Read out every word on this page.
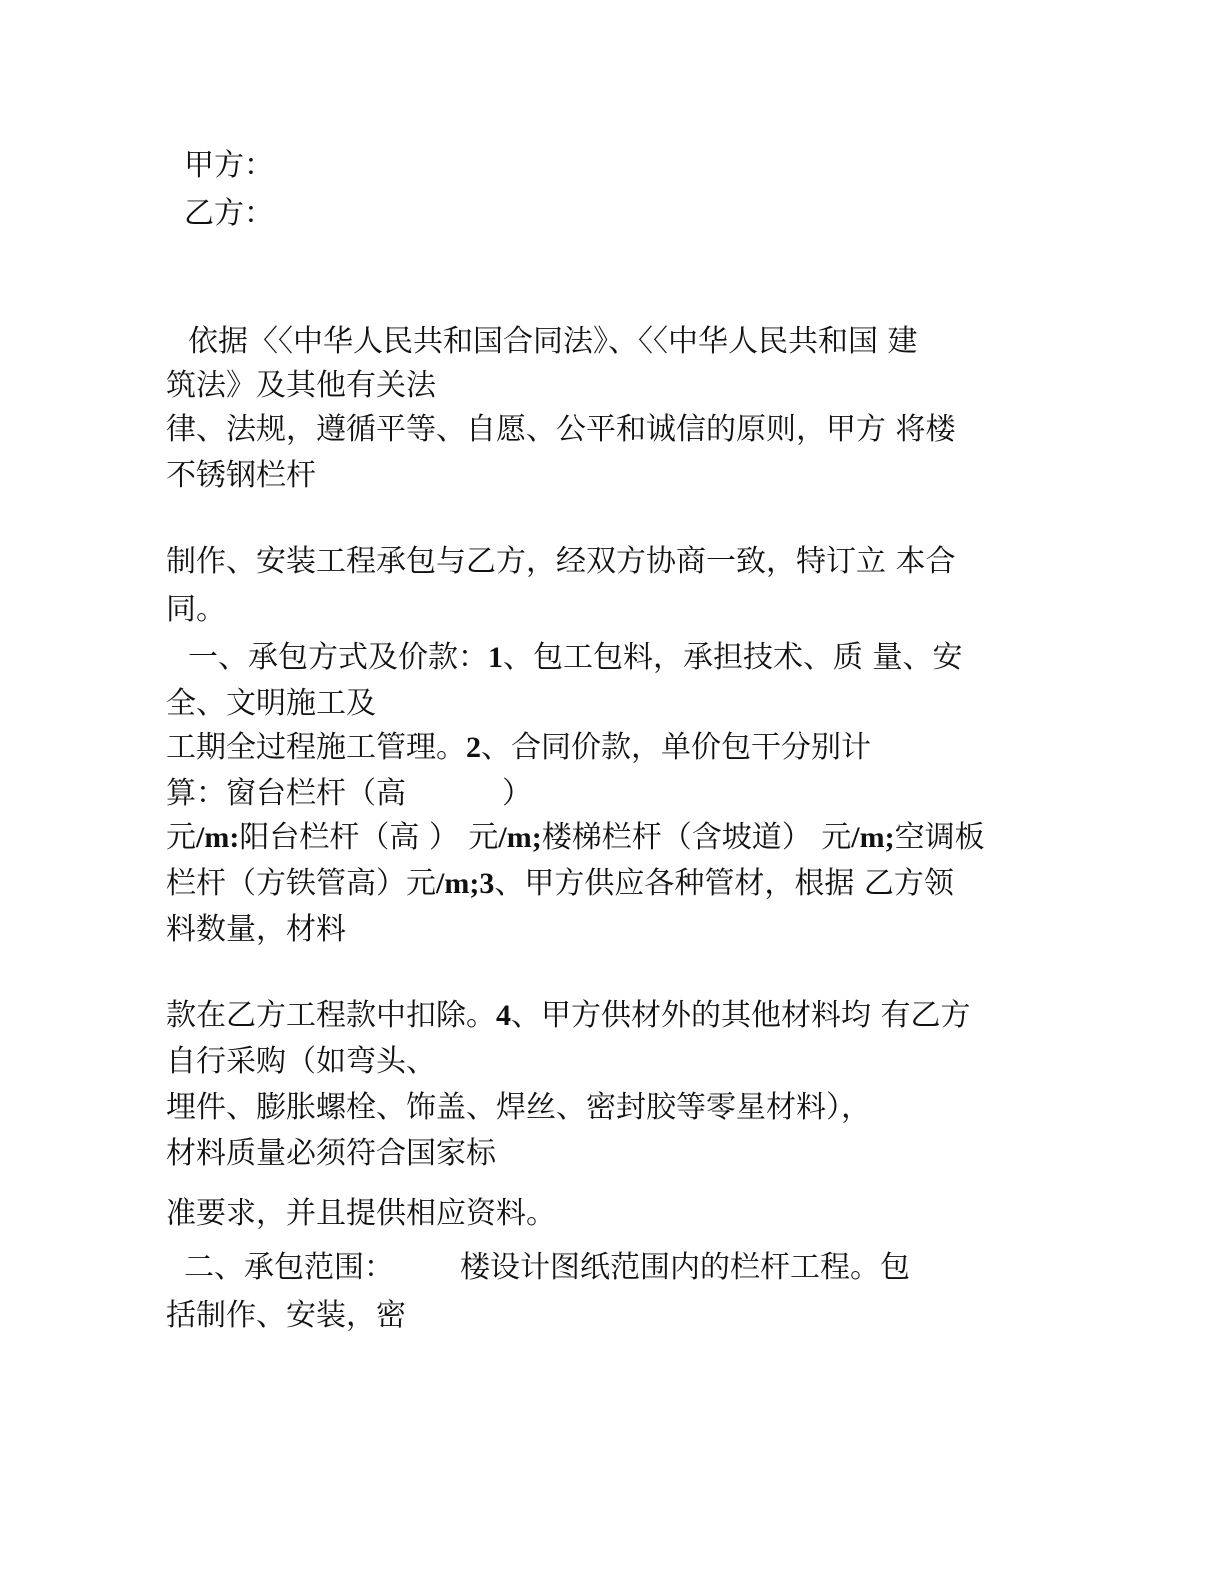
甲方：
乙方：
依据〈〈中华人民共和国合同法》、〈〈中华人民共和国 建
筑法》及其他有关法
律、法规，遵循平等、自愿、公平和诚信的原则，甲方 将楼
不锈钢栏杆
制作、安装工程承包与乙方，经双方协商一致，特订立 本合
同。
一、承包方式及价款：1、包工包料，承担技术、质 量、安
全、文明施工及
工期全过程施工管理。2、合同价款，单价包干分别计
算：窗台栏杆（高	）
元/m:阳台栏杆（高 ） 元/m;楼梯栏杆（含坡道） 元/m;空调板
栏杆（方铁管高）元/m;3、甲方供应各种管材，根据 乙方领
料数量，材料
款在乙方工程款中扣除。4、甲方供材外的其他材料均 有乙方
自行采购（如弯头、
埋件、膨胀螺栓、饰盖、焊丝、密封胶等零星材料），
材料质量必须符合国家标
准要求，并且提供相应资料。
二、承包范围： 楼设计图纸范围内的栏杆工程。包
括制作、安装，密
